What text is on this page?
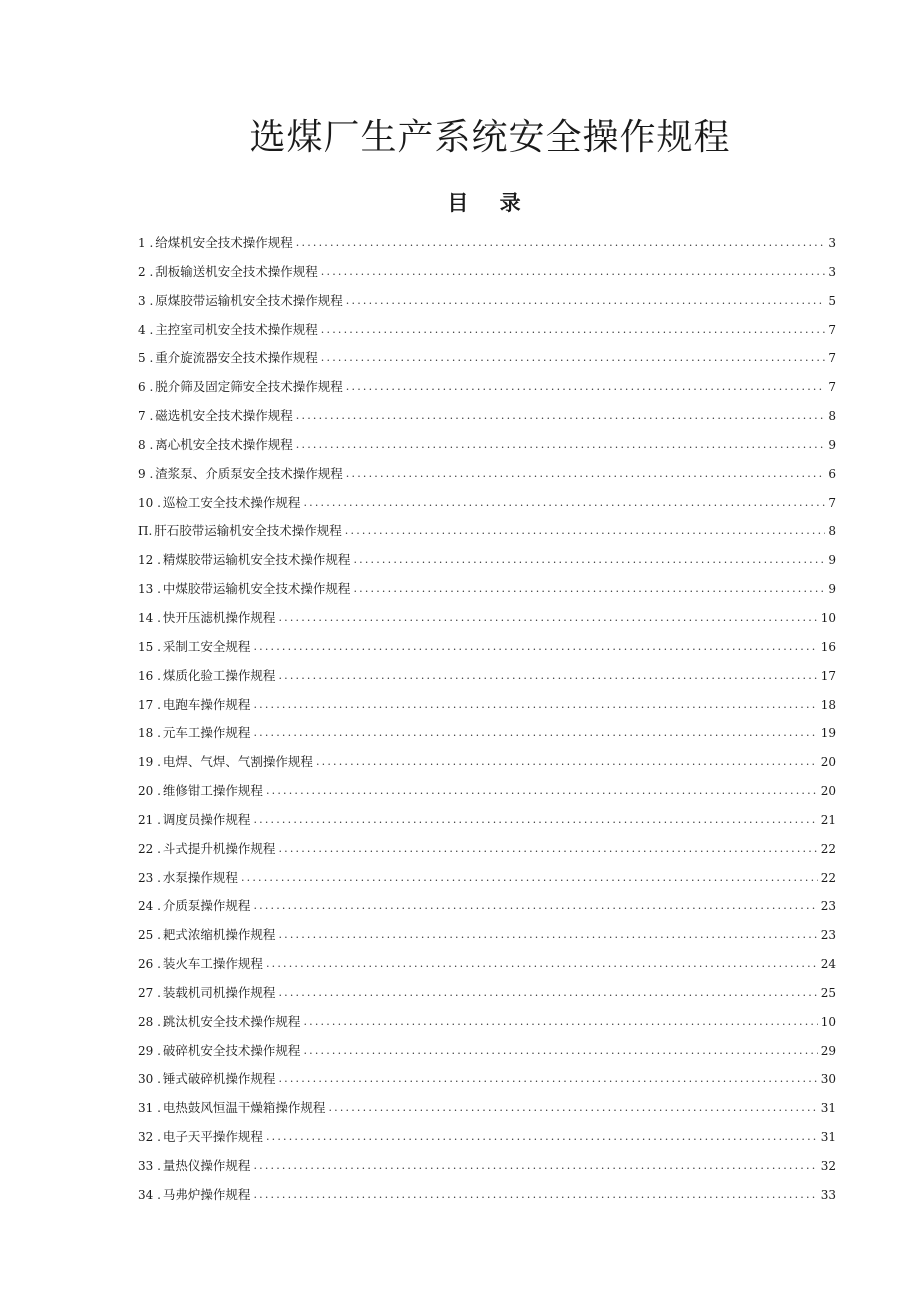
选煤厂生产系统安全操作规程
目 录
1 . 给煤机安全技术操作规程 .....	3
2 . 刮板输送机安全技术操作规程 .....	3
3 . 原煤胶带运输机安全技术操作规程 .....	5
4 . 主控室司机安全技术操作规程 .....	7
5 . 重介旋流器安全技术操作规程 .....	7
6 . 脱介筛及固定筛安全技术操作规程 .....	7
7 . 磁选机安全技术操作规程 .....	8
8 . 离心机安全技术操作规程 .....	9
9 . 渣浆泵、介质泵安全技术操作规程 .....	6
10 . 巡检工安全技术操作规程 .....	7
Π. 肝石胶带运输机安全技术操作规程 .....	8
12 . 精煤胶带运输机安全技术操作规程 .....	9
13 . 中煤胶带运输机安全技术操作规程 .....	9
14 . 快开压滤机操作规程 .....	10
15 . 采制工安全规程 .....	16
16 . 煤质化验工操作规程 .....	17
17 . 电跑车操作规程 .....	18
18 . 元车工操作规程 .....	19
19 . 电焊、气焊、气割操作规程 .....	20
20 . 维修钳工操作规程 .....	20
21 . 调度员操作规程 .....	21
22 . 斗式提升机操作规程 .....	22
23 . 水泵操作规程 .....	22
24 . 介质泵操作规程 .....	23
25 . 耙式浓缩机操作规程 .....	23
26 . 装火车工操作规程 .....	24
27 . 装载机司机操作规程 .....	25
28 . 跳汰机安全技术操作规程 .....	10
29 . 破碎机安全技术操作规程 .....	29
30 . 锤式破碎机操作规程 .....	30
31 . 电热鼓风恒温干燥箱操作规程 .....	31
32 . 电子天平操作规程 .....	31
33 . 量热仪操作规程 .....	32
34 . 马弗炉操作规程 .....	33
